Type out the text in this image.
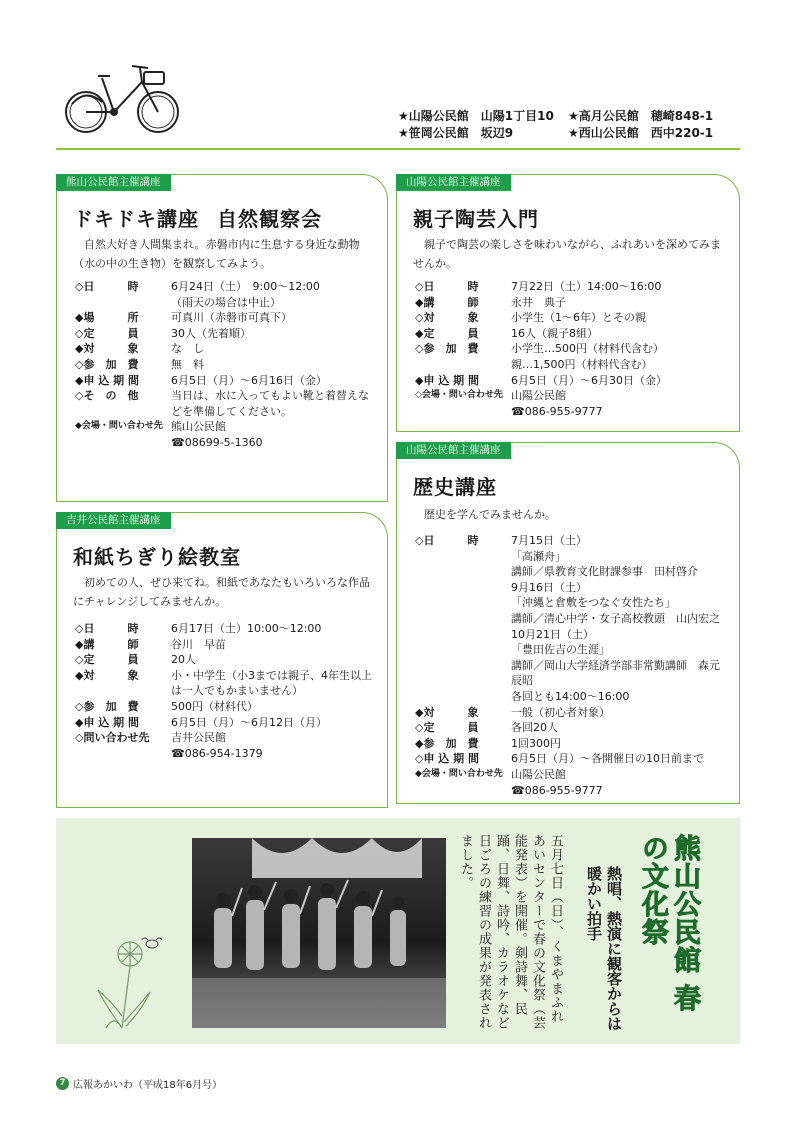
★山陽公民館　山陽1丁目10	★高月公民館　穂崎848-1
★笹岡公民館　坂辺9	★西山公民館　西中220-1
熊山公民館主催講座
ドキドキ講座 自然観察会
自然大好き人間集まれ。赤磐市内に生息する身近な動物（水の中の生き物）を観察してみよう。
◇日　　　時	6月24日（土）　9:00〜12:00
（雨天の場合は中止）
◆場　　　所	可真川（赤磐市可真下）
◇定　　　員	30人（先着順）
◆対　　　象	な　し
◇参　加　費	無　料
◆申 込 期 間	6月5日（月）〜6月16日（金）
◇そ　の　他	当日は、水に入ってもよい靴と着替えなどを準備してください。
◆会場・問い合わせ先 熊山公民館
☎08699-5-1360
吉井公民館主催講座
和紙ちぎり絵教室
初めての人、ぜひ来てね。和紙であなたもいろいろな作品にチャレンジしてみませんか。
◇日　　　時	6月17日（土）10:00〜12:00
◆講　　　師	谷川　早苗
◇定　　　員	20人
◆対　　　象	小・中学生（小3までは親子、4年生以上は一人でもかまいません）
◇参　加　費	500円（材料代）
◆申 込 期 間	6月5日（月）〜6月12日（月）
◇問い合わせ先	吉井公民館
☎086-954-1379
山陽公民館主催講座
親子陶芸入門
親子で陶芸の楽しさを味わいながら、ふれあいを深めてみませんか。
◇日　　　時	7月22日（土）14:00〜16:00
◆講　　　師	永井　典子
◇対　　　象	小学生（1〜6年）とその親
◆定　　　員	16人（親子8組）
◇参　加　費	小学生…500円（材料代含む）
親…1,500円（材料代含む）
◆申 込 期 間	6月5日（月）〜6月30日（金）
◇会場・問い合わせ先 山陽公民館
☎086-955-9777
山陽公民館主催講座
歴史講座
歴史を学んでみませんか。
◇日　　　時	7月15日（土）
「高瀬舟」
講師／県教育文化財課参事　田村啓介
9月16日（土）
「沖縄と倉敷をつなぐ女性たち」
講師／清心中学・女子高校教頭　山内宏之
10月21日（土）
「豊田佐吉の生涯」
講師／岡山大学経済学部非常勤講師　森元辰昭
各回とも14:00〜16:00
◆対　　　象	一般（初心者対象）
◇定　　　員	各回20人
◆参　加　費	1回300円
◇申 込 期 間	6月5日（月）〜各開催日の10日前まで
◆会場・問い合わせ先 山陽公民館
☎086-955-9777
五月七日（日）、くまやまふれあいセンターで春の文化祭（芸能発表）を開催。剣詩舞、民踊、日舞、詩吟、カラオケなど日ごろの練習の成果が発表されました。
熱唱、熱演に観客からは暖かい拍手	熊山公民館 春の文化祭
7 広報あかいわ（平成18年6月号）
